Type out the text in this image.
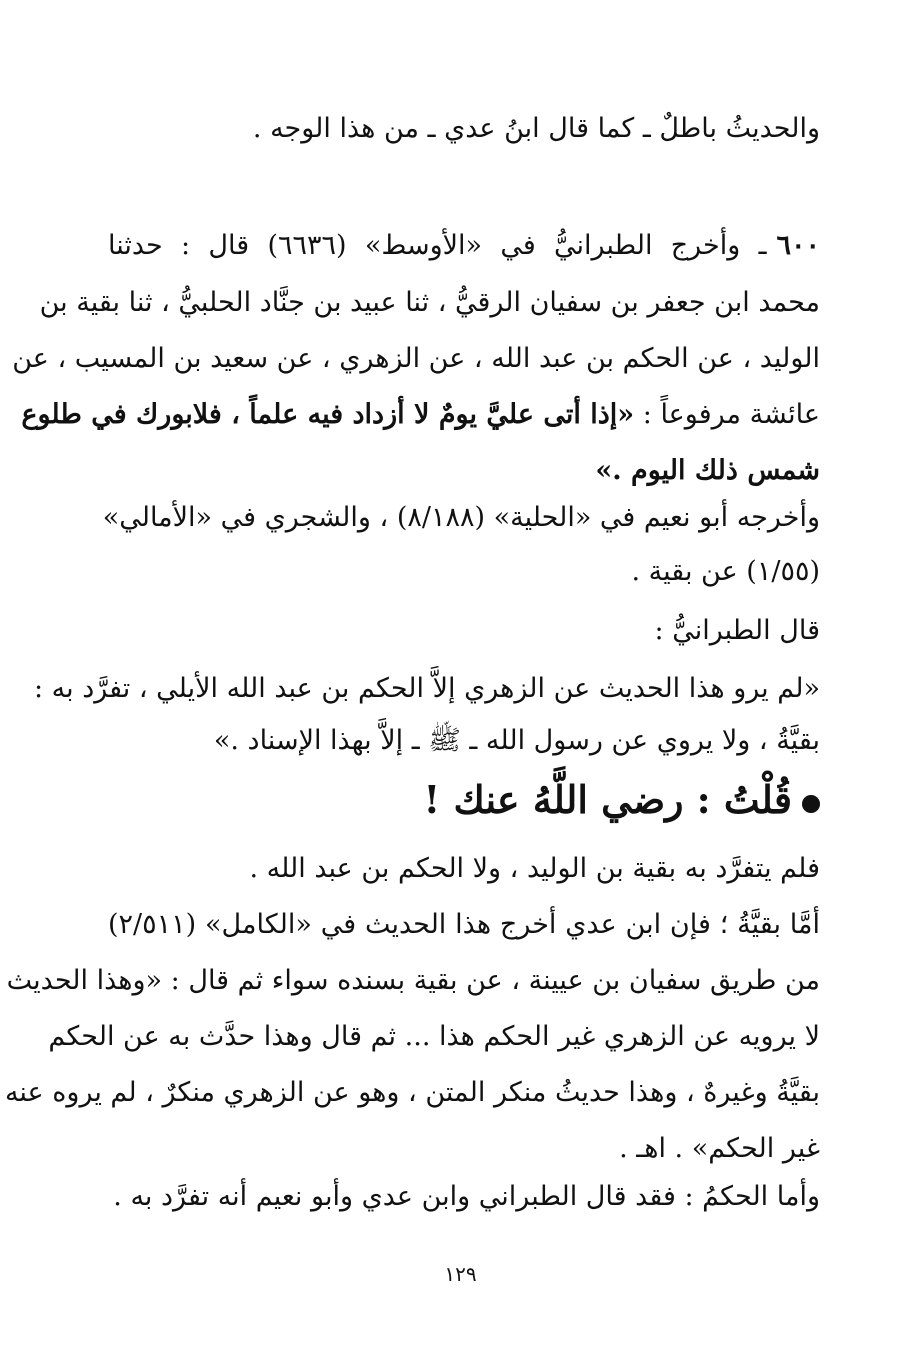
والحديثُ باطلٌ ـ كما قال ابنُ عدي ـ من هذا الوجه .
٦٠٠ـ وأخرج الطبرانيُّ في «الأوسط» (٦٦٣٦) قال : حدثنا
محمد ابن جعفر بن سفيان الرقيُّ ، ثنا عبيد بن جنَّاد الحلبيُّ ، ثنا بقية بن
الوليد ، عن الحكم بن عبد الله ، عن الزهري ، عن سعيد بن المسيب ، عن
عائشة مرفوعاً : «إذا أتى عليَّ يومٌ لا أزداد فيه علماً ، فلابورك في طلوع
شمس ذلك اليوم .»
وأخرجه أبو نعيم في «الحلية» (٨/١٨٨) ، والشجري في «الأمالي»
(١/٥٥) عن بقية .
قال الطبرانيُّ :
«لم يرو هذا الحديث عن الزهري إلاَّ الحكم بن عبد الله الأيلي ، تفرَّد به :
بقيَّةُ ، ولا يروي عن رسول الله ـ ﷺ ـ إلاَّ بهذا الإسناد .»
قُلْتُ : رضي اللَّهُ عنك !
فلم يتفرَّد به بقية بن الوليد ، ولا الحكم بن عبد الله .
أمَّا بقيَّةُ ؛ فإن ابن عدي أخرج هذا الحديث في «الكامل» (٢/٥١١)
من طريق سفيان بن عيينة ، عن بقية بسنده سواء ثم قال : «وهذا الحديث
لا يرويه عن الزهري غير الحكم هذا ... ثم قال وهذا حدَّث به عن الحكم
بقيَّةُ وغيرهٌ ، وهذا حديثُ منكر المتن ، وهو عن الزهري منكرٌ ، لم يروه عنه
غير الحكم» . اهـ .
وأما الحكمُ : فقد قال الطبراني وابن عدي وأبو نعيم أنه تفرَّد به .
١٢٩
